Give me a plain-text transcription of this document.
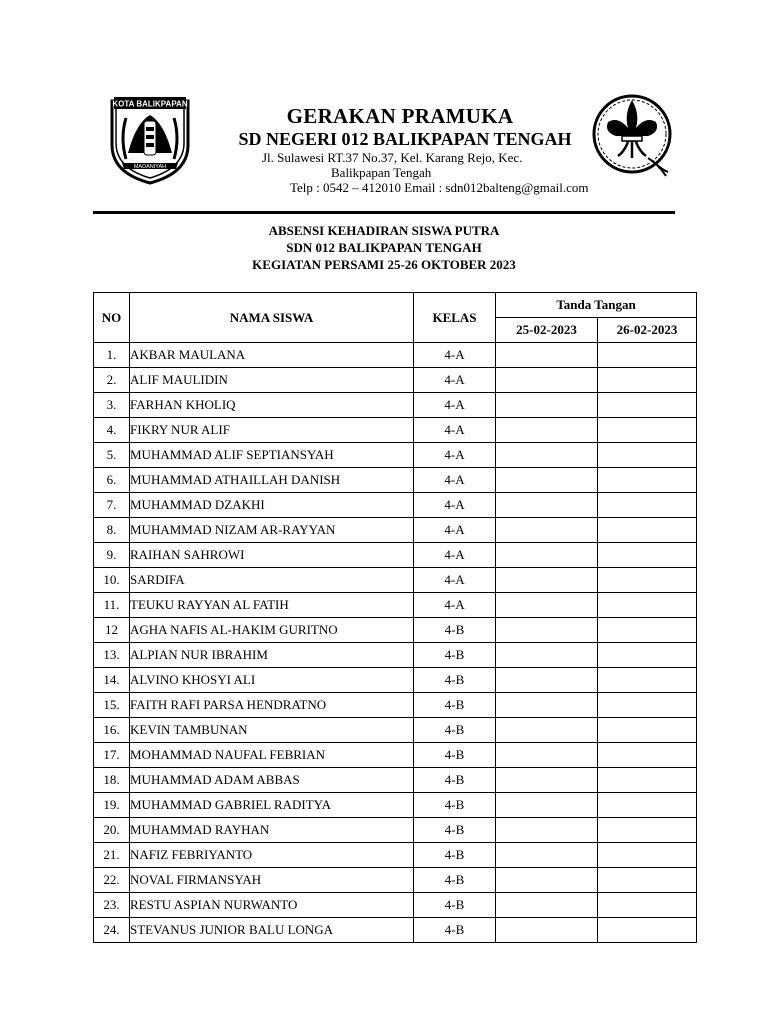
KOTA BALIKPAPAN
MADANIYAH
GERAKAN PRAMUKA
SD NEGERI 012 BALIKPAPAN TENGAH
Jl. Sulawesi RT.37 No.37, Kel. Karang Rejo, Kec.
Balikpapan Tengah
Telp : 0542 – 412010 Email : sdn012balteng@gmail.com
ABSENSI KEHADIRAN SISWA PUTRA
SDN 012 BALIKPAPAN TENGAH
KEGIATAN PERSAMI 25-26 OKTOBER 2023
NO	NAMA SISWA	KELAS	Tanda Tangan	
			25-02-2023	26-02-2023
1.	AKBAR MAULANA	4-A		
2.	ALIF MAULIDIN	4-A		
3.	FARHAN KHOLIQ	4-A		
4.	FIKRY NUR ALIF	4-A		
5.	MUHAMMAD ALIF SEPTIANSYAH	4-A		
6.	MUHAMMAD ATHAILLAH DANISH	4-A		
7.	MUHAMMAD DZAKHI	4-A		
8.	MUHAMMAD NIZAM AR-RAYYAN	4-A		
9.	RAIHAN SAHROWI	4-A		
10.	SARDIFA	4-A		
11.	TEUKU RAYYAN AL FATIH	4-A		
12	AGHA NAFIS AL-HAKIM GURITNO	4-B		
13.	ALPIAN NUR IBRAHIM	4-B		
14.	ALVINO KHOSYI ALI	4-B		
15.	FAITH RAFI PARSA HENDRATNO	4-B		
16.	KEVIN TAMBUNAN	4-B		
17.	MOHAMMAD NAUFAL FEBRIAN	4-B		
18.	MUHAMMAD ADAM ABBAS	4-B		
19.	MUHAMMAD GABRIEL RADITYA	4-B		
20.	MUHAMMAD RAYHAN	4-B		
21.	NAFIZ FEBRIYANTO	4-B		
22.	NOVAL FIRMANSYAH	4-B		
23.	RESTU ASPIAN NURWANTO	4-B		
24.	STEVANUS JUNIOR BALU LONGA	4-B		
